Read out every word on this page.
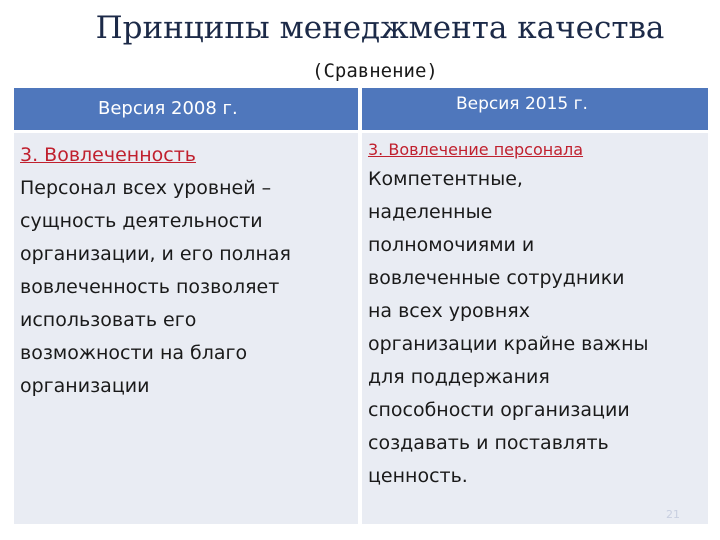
Принципы менеджмента качества
(Сравнение)
Версия 2008 г.	Версия 2015 г.
3. Вовлеченность
Персонал всех уровней –
сущность деятельности
организации, и его полная
вовлеченность позволяет
использовать его
возможности на благо
организации
3. Вовлечение персонала
Компетентные,
наделенные
полномочиями и
вовлеченные сотрудники
на всех уровнях
организации крайне важны
для поддержания
способности организации
создавать и поставлять
ценность.
21
